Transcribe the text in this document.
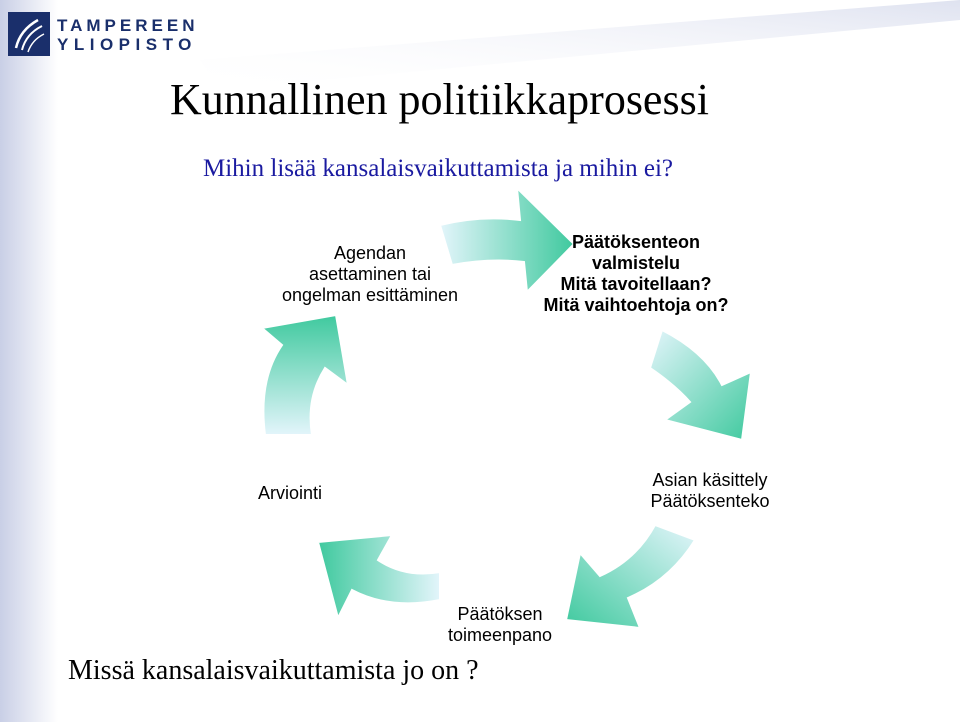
TAMPEREEN
YLIOPISTO
Kunnallinen politiikkaprosessi
Mihin lisää kansalaisvaikuttamista ja mihin ei?
Agendan
asettaminen tai
ongelman esittäminen
Päätöksenteon
valmistelu
Mitä tavoitellaan?
Mitä vaihtoehtoja on?
Asian käsittely
Päätöksenteko
Päätöksen
toimeenpano
Arviointi
Missä kansalaisvaikuttamista jo on ?
